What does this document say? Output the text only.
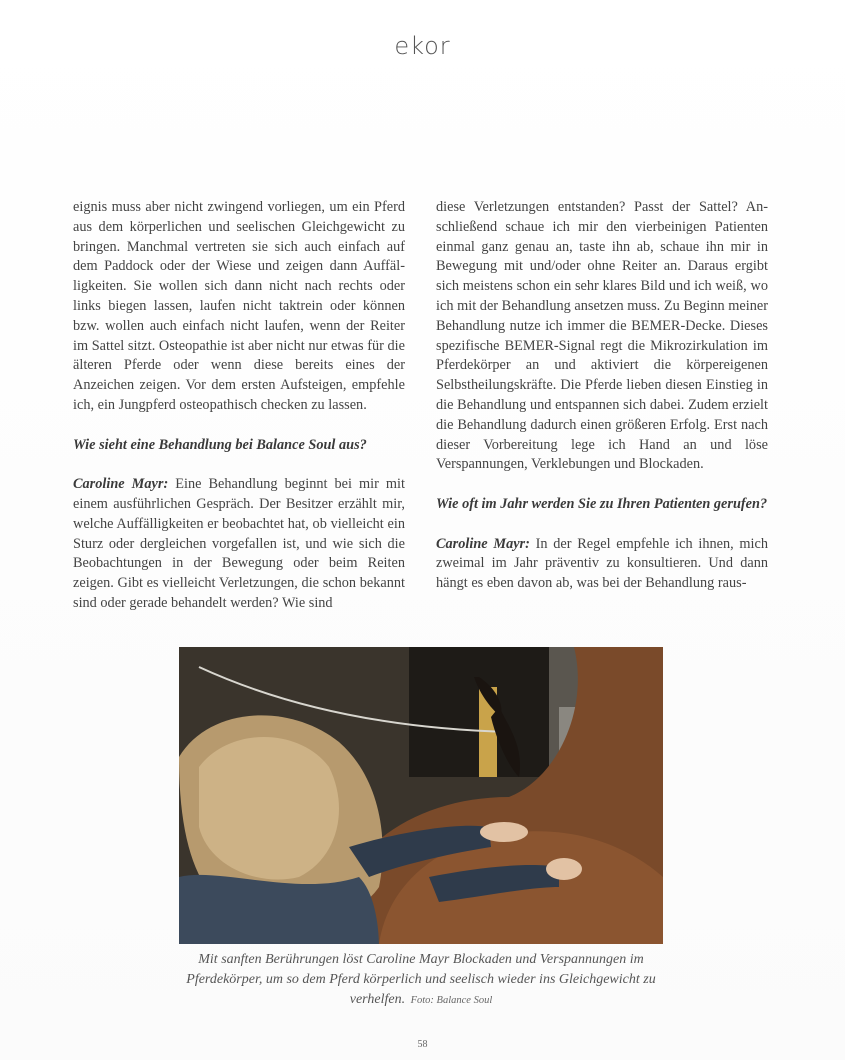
ekor

eignis muss aber nicht zwingend vorliegen, um ein Pferd aus dem körperlichen und seelischen Gleichgewicht zu bringen. Manchmal vertreten sie sich auch einfach auf dem Paddock oder der Wiese und zeigen dann Auffälligkeiten. Sie wollen sich dann nicht nach rechts oder links biegen lassen, laufen nicht taktrein oder können bzw. wollen auch einfach nicht laufen, wenn der Reiter im Sattel sitzt. Osteopathie ist aber nicht nur etwas für die älteren Pferde oder wenn diese bereits eines der Anzeichen zeigen. Vor dem ersten Aufsteigen, empfehle ich, ein Jungpferd osteopathisch checken zu lassen.

Wie sieht eine Behandlung bei Balance Soul aus?

Caroline Mayr: Eine Behandlung beginnt bei mir mit einem ausführlichen Gespräch. Der Besitzer erzählt mir, welche Auffälligkeiten er beobachtet hat, ob vielleicht ein Sturz oder dergleichen vorgefallen ist, und wie sich die Beobachtungen in der Bewegung oder beim Reiten zeigen. Gibt es vielleicht Verletzungen, die schon bekannt sind oder gerade behandelt werden? Wie sind

diese Verletzungen entstanden? Passt der Sattel? Anschließend schaue ich mir den vierbeinigen Patienten einmal ganz genau an, taste ihn ab, schaue ihn mir in Bewegung mit und/oder ohne Reiter an. Daraus ergibt sich meistens schon ein sehr klares Bild und ich weiß, wo ich mit der Behandlung ansetzen muss. Zu Beginn meiner Behandlung nutze ich immer die BEMER-Decke. Dieses spezifische BEMER-Signal regt die Mikrozirkulation im Pferdekörper an und aktiviert die körpereigenen Selbstheilungskräfte. Die Pferde lieben diesen Einstieg in die Behandlung und entspannen sich dabei. Zudem erzielt die Behandlung dadurch einen größeren Erfolg. Erst nach dieser Vorbereitung lege ich Hand an und löse Verspannungen, Verklebungen und Blockaden.

Wie oft im Jahr werden Sie zu Ihren Patienten gerufen?

Caroline Mayr: In der Regel empfehle ich ihnen, mich zweimal im Jahr präventiv zu konsultieren. Und dann hängt es eben davon ab, was bei der Behandlung raus-

Mit sanften Berührungen löst Caroline Mayr Blockaden und Verspannungen im Pferdekörper, um so dem Pferd körperlich und seelisch wieder ins Gleichgewicht zu verhelfen. Foto: Balance Soul
58
